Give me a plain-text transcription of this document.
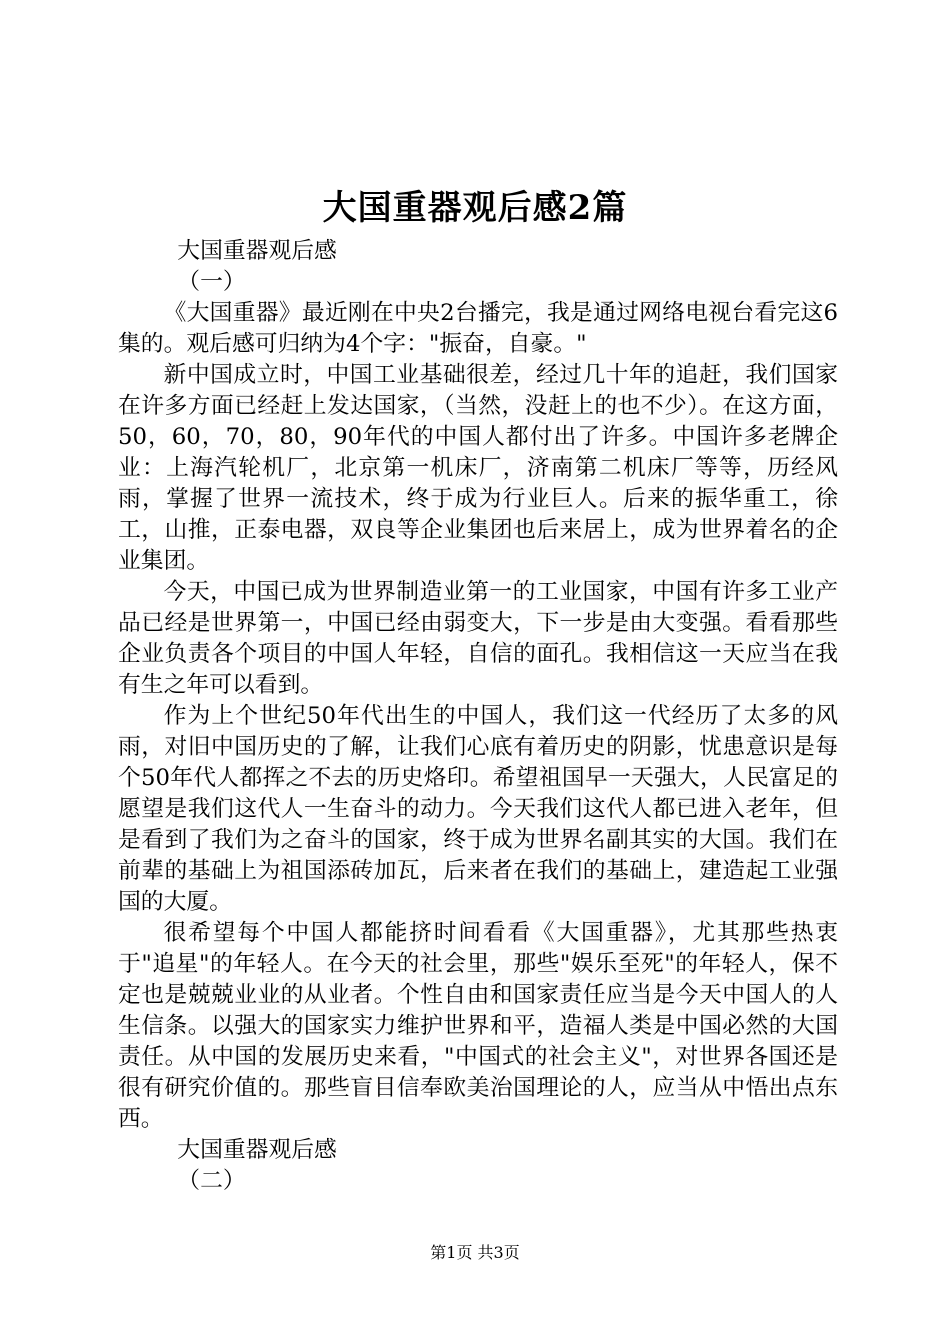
大国重器观后感2篇

大国重器观后感

（一）

《大国重器》最近刚在中央2台播完，我是通过网络电视台看完这6集的。观后感可归纳为4个字："振奋，自豪。"

新中国成立时，中国工业基础很差，经过几十年的追赶，我们国家在许多方面已经赶上发达国家，（当然，没赶上的也不少）。在这方面，50，60，70，80，90年代的中国人都付出了许多。中国许多老牌企业：上海汽轮机厂，北京第一机床厂，济南第二机床厂等等，历经风雨，掌握了世界一流技术，终于成为行业巨人。后来的振华重工，徐工，山推，正泰电器，双良等企业集团也后来居上，成为世界着名的企业集团。

今天，中国已成为世界制造业第一的工业国家，中国有许多工业产品已经是世界第一，中国已经由弱变大，下一步是由大变强。看看那些企业负责各个项目的中国人年轻，自信的面孔。我相信这一天应当在我有生之年可以看到。

作为上个世纪50年代出生的中国人，我们这一代经历了太多的风雨，对旧中国历史的了解，让我们心底有着历史的阴影，忧患意识是每个50年代人都挥之不去的历史烙印。希望祖国早一天强大，人民富足的愿望是我们这代人一生奋斗的动力。今天我们这代人都已进入老年，但是看到了我们为之奋斗的国家，终于成为世界名副其实的大国。我们在前辈的基础上为祖国添砖加瓦，后来者在我们的基础上，建造起工业强国的大厦。

很希望每个中国人都能挤时间看看《大国重器》，尤其那些热衷于"追星"的年轻人。在今天的社会里，那些"娱乐至死"的年轻人，保不定也是兢兢业业的从业者。个性自由和国家责任应当是今天中国人的人生信条。以强大的国家实力维护世界和平，造福人类是中国必然的大国责任。从中国的发展历史来看，"中国式的社会主义"，对世界各国还是很有研究价值的。那些盲目信奉欧美治国理论的人，应当从中悟出点东西。

大国重器观后感

（二）

第1页 共3页
